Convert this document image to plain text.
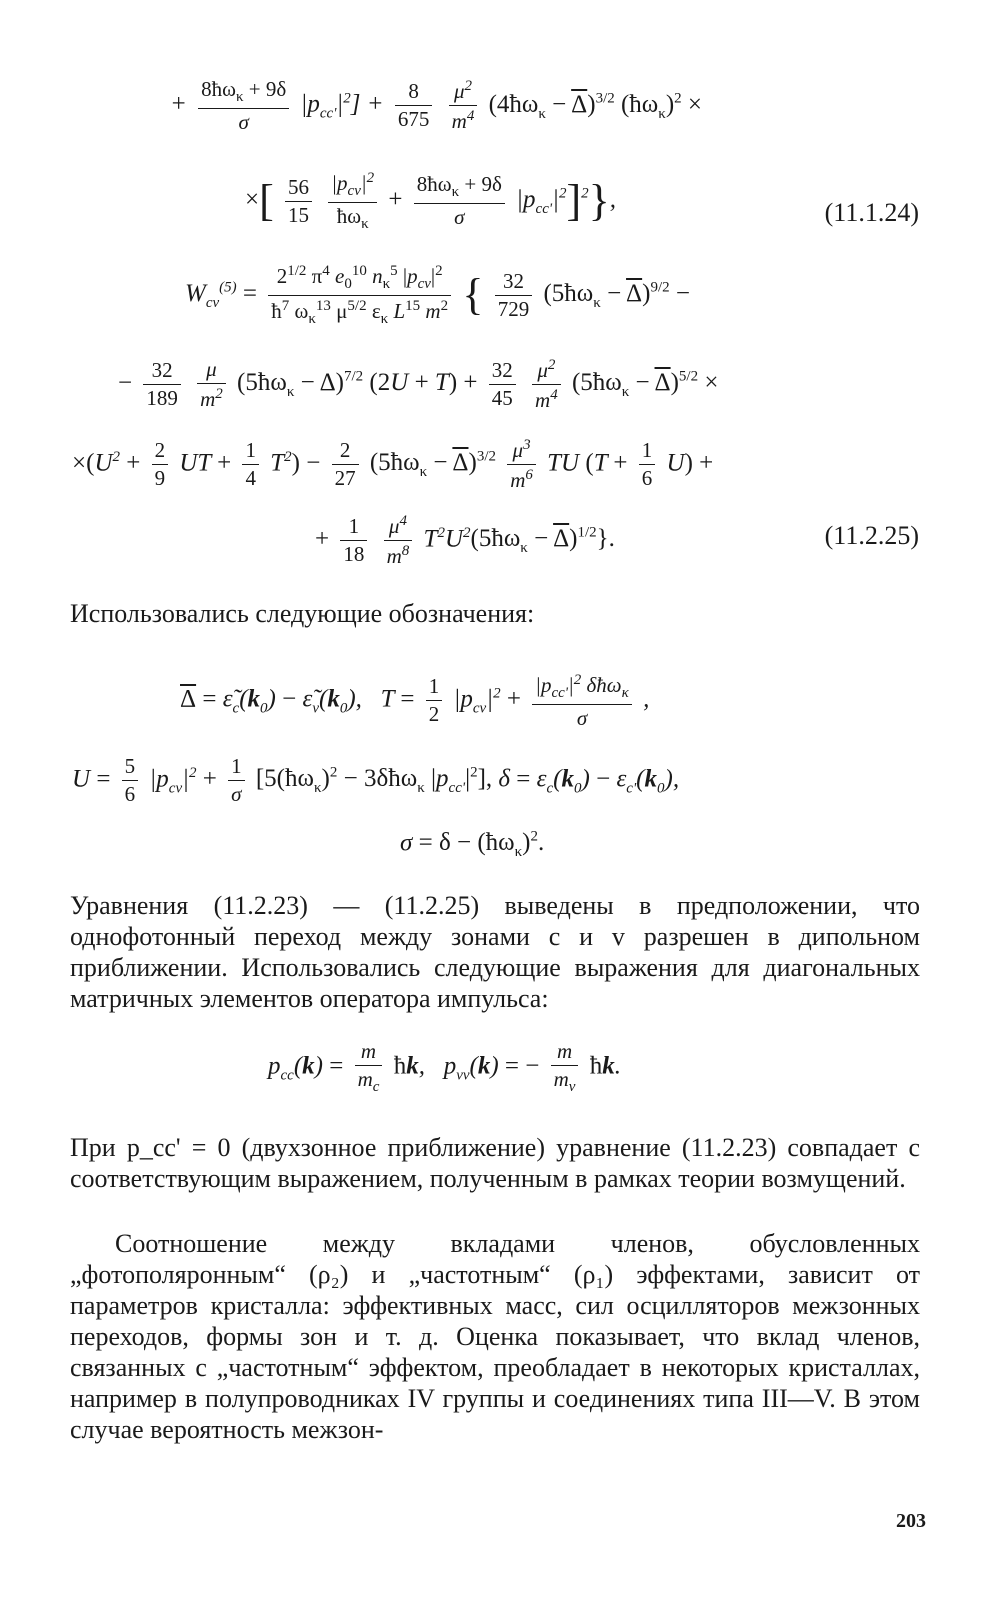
+ $\frac{8ħ\omega_\kappa + 9\delta}{\sigma} |p_{cc'}|^2] + \frac{8}{675}$
$\frac{\mu^2}{m^4}$ $(4ħ\omega_\kappa - \overline{\Delta})^{3/2}$ $(ħ\omega_\kappa)^2$ ×
×[ $\frac{56}{15}$
$\frac{|p_{cv}|^2}{ħ\omega_\kappa} + \frac{8ħ\omega_\kappa + 9\delta}{\sigma} |p_{cc'}|^2]^2$},	(11.1.24)
$W_{cv}^{(5)} = \frac{2^{1/2} \pi^4 e_0^{10} n_\kappa^5 |p_{cv}|^2}{ħ^7 \omega_\kappa^{13} \mu^{5/2} \varepsilon_\kappa L^{15} m^2}$ { $\frac{32}{729}$ $(5ħ\omega_\kappa - \overline{\Delta})^{9/2}$ −
− $\frac{32}{189}$
$\frac{\mu}{m^2}$ $(5ħ\omega_\kappa - \Delta)^{7/2}$ $(2U + T) + \frac{32}{45}$
$\frac{\mu^2}{m^4}$ $(5ħ\omega_\kappa - \overline{\Delta})^{5/2}$ ×
$\times(U^2 + \frac{2}{9}$ UT + $\frac{1}{4} T^2) - \frac{2}{27}$ $(5ħ\omega_\kappa - \overline{\Delta})^{3/2} \frac{\mu^3}{m^6}$ TU $(T + \frac{1}{6} U)$ +
+ $\frac{1}{18}$
$\frac{\mu^4}{m^8}$ $T^2U^2(5ħ\omega_\kappa - \overline{\Delta})^{1/2}$}.	(11.2.25)

Использовались следующие обозначения:

$\overline{\Delta}$ = $\varepsiloñ_c(k_0)$ − $\varepsiloñ_v(k_0)$,   $T = \frac{1}{2} |p_{cv}|^2 + \frac{|p_{cc'}|^2 \delta ħ\omega_\kappa}{\sigma}$ ,
$U = \frac{5}{6} |p_{cv}|^2 + \frac{1}{\sigma}$ [$5(ħ\omega_\kappa)^2$ − 3δħω$_\kappa$ $|p_{cc'}|^2$], $\delta = \varepsilon_c(k_0) - \varepsilon_{c'}(k_0)$,
$\sigma = \delta - (ħ\omega_\kappa)^2$.

Уравнения (11.2.23) — (11.2.25) выведены в предположении, что однофотонный переход между зонами c и v разрешен в дипольном приближении. Использовались следующие выражения для диагональных матричных элементов оператора импульса:

$p_{cc}(k) = \frac{m}{m_c}$ ħk,   $p_{vv}(k)$ = − $\frac{m}{m_v}$ ħk.

При p_cc' = 0 (двухзонное приближение) уравнение (11.2.23) совпадает с соответствующим выражением, полученным в рамках теории возмущений.

Соотношение между вкладами членов, обусловленных „фотополяронным“ (ρ₂) и „частотным“ (ρ₁) эффектами, зависит от параметров кристалла: эффективных масс, сил осцилляторов межзонных переходов, формы зон и т. д. Оценка показывает, что вклад членов, связанных с „частотным“ эффектом, преобладает в некоторых кристаллах, например в полупроводниках IV группы и соединениях типа III—V. В этом случае вероятность межзон-

203
